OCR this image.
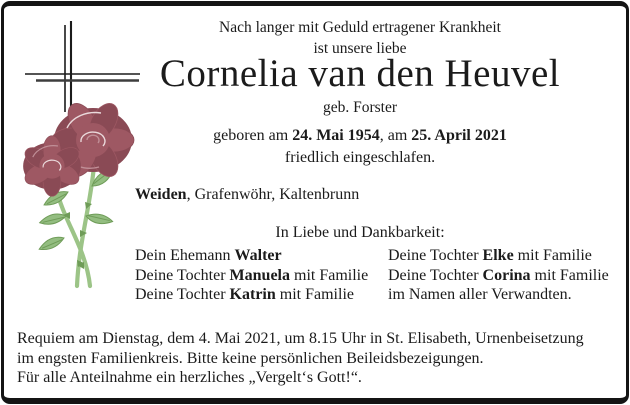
Nach langer mit Geduld ertragener Krankheit

ist unsere liebe

Cornelia van den Heuvel

geb. Forster

geboren am 24. Mai 1954, am 25. April 2021

friedlich eingeschlafen.

Weiden, Grafenwöhr, Kaltenbrunn

In Liebe und Dankbarkeit:

Dein Ehemann Walter

Deine Tochter Manuela mit Familie

Deine Tochter Katrin mit Familie

Deine Tochter Elke mit Familie

Deine Tochter Corina mit Familie

im Namen aller Verwandten.

Requiem am Dienstag, dem 4. Mai 2021, um 8.15 Uhr in St. Elisabeth, Urnenbeisetzung

im engsten Familienkreis. Bitte keine persönlichen Beileidsbezeigungen.

Für alle Anteilnahme ein herzliches „Vergelt‘s Gott!“.
